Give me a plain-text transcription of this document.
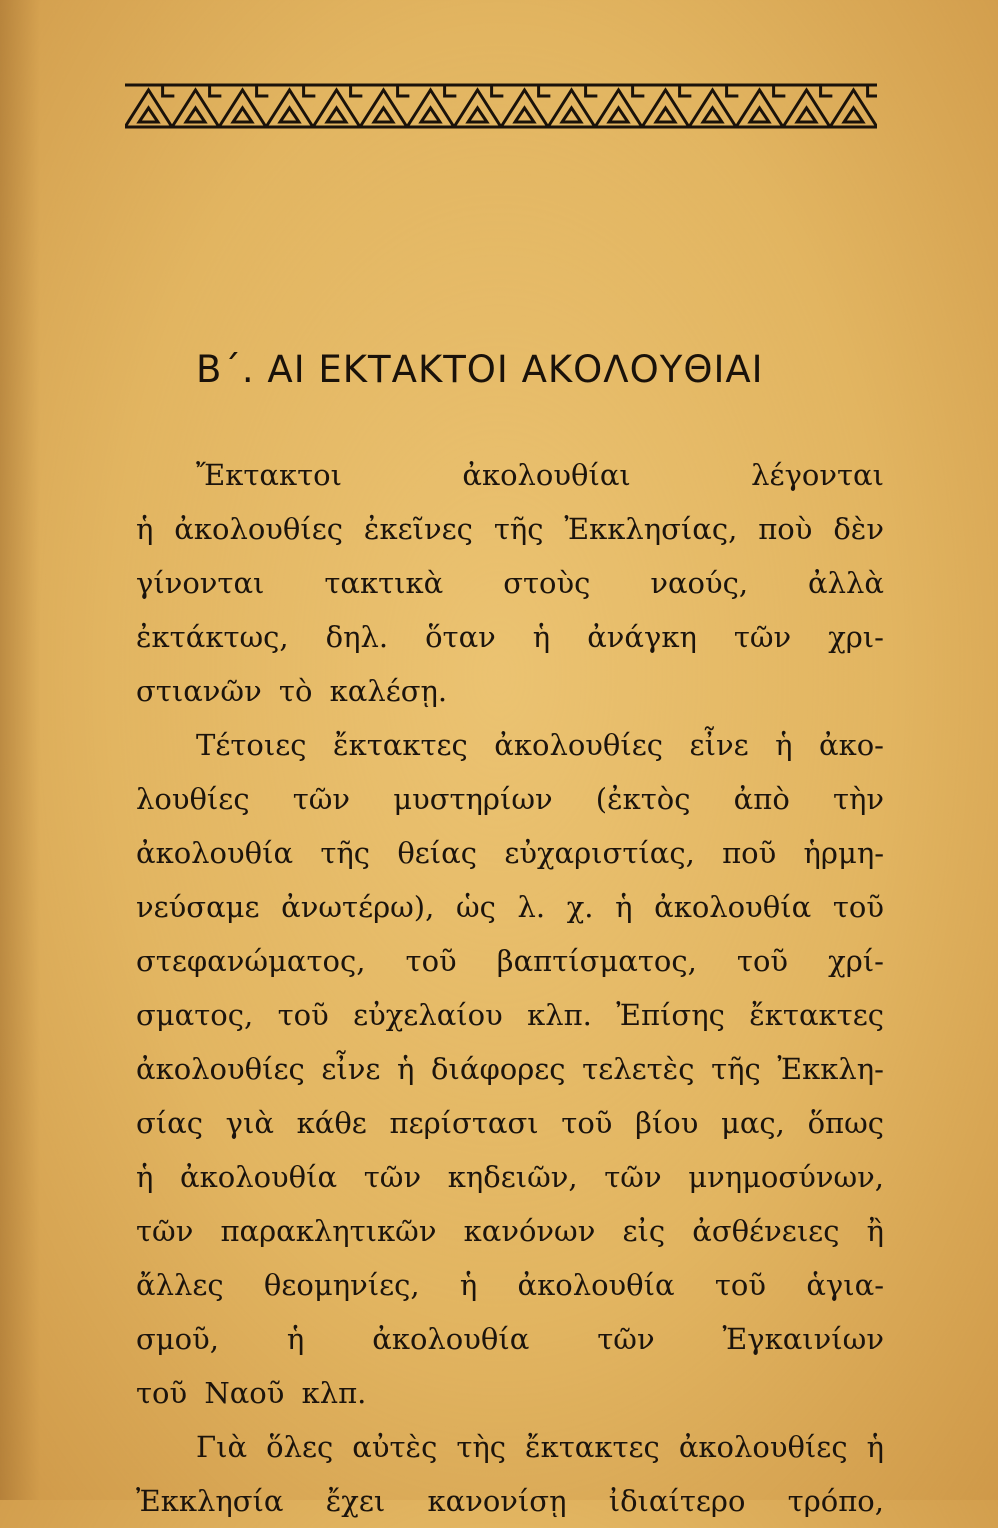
Β΄. ΑΙ ΕΚΤΑΚΤΟΙ ΑΚΟΛΟΥΘΙΑΙ
Ἔκτακτοι	ἀκολουθίαι	λέγονται
ἡ ἀκολουθίες ἐκεῖνες τῆς Ἐκκλησίας, ποὺ δὲν
γίνονται τακτικὰ στοὺς ναούς, ἀλλὰ
ἐκτάκτως, δηλ. ὅταν ἡ ἀνάγκη τῶν χρι-
στιανῶν τὸ καλέσῃ.
Τέτοιες ἔκτακτες ἀκολουθίες εἶνε ἡ ἀκο-
λουθίες τῶν μυστηρίων (ἐκτὸς ἀπὸ τὴν
ἀκολουθία τῆς θείας εὐχαριστίας, ποῦ ἡρμη-
νεύσαμε ἀνωτέρω), ὡς λ. χ. ἡ ἀκολουθία τοῦ
στεφανώματος, τοῦ βαπτίσματος, τοῦ χρί-
σματος, τοῦ εὐχελαίου κλπ. Ἐπίσης ἔκτακτες
ἀκολουθίες εἶνε ἡ διάφορες τελετὲς τῆς Ἐκκλη-
σίας γιὰ κάθε περίστασι τοῦ βίου μας, ὅπως
ἡ ἀκολουθία τῶν κηδειῶν, τῶν μνημοσύνων,
τῶν παρακλητικῶν κανόνων εἰς ἀσθένειες ἢ
ἄλλες θεομηνίες, ἡ ἀκολουθία τοῦ ἁγια-
σμοῦ, ἡ ἀκολουθία τῶν Ἐγκαινίων
τοῦ Ναοῦ κλπ.
Γιὰ ὅλες αὐτὲς τὴς ἔκτακτες ἀκολουθίες ἡ
Ἐκκλησία ἔχει κανονίσῃ ἰδιαίτερο τρόπο,
